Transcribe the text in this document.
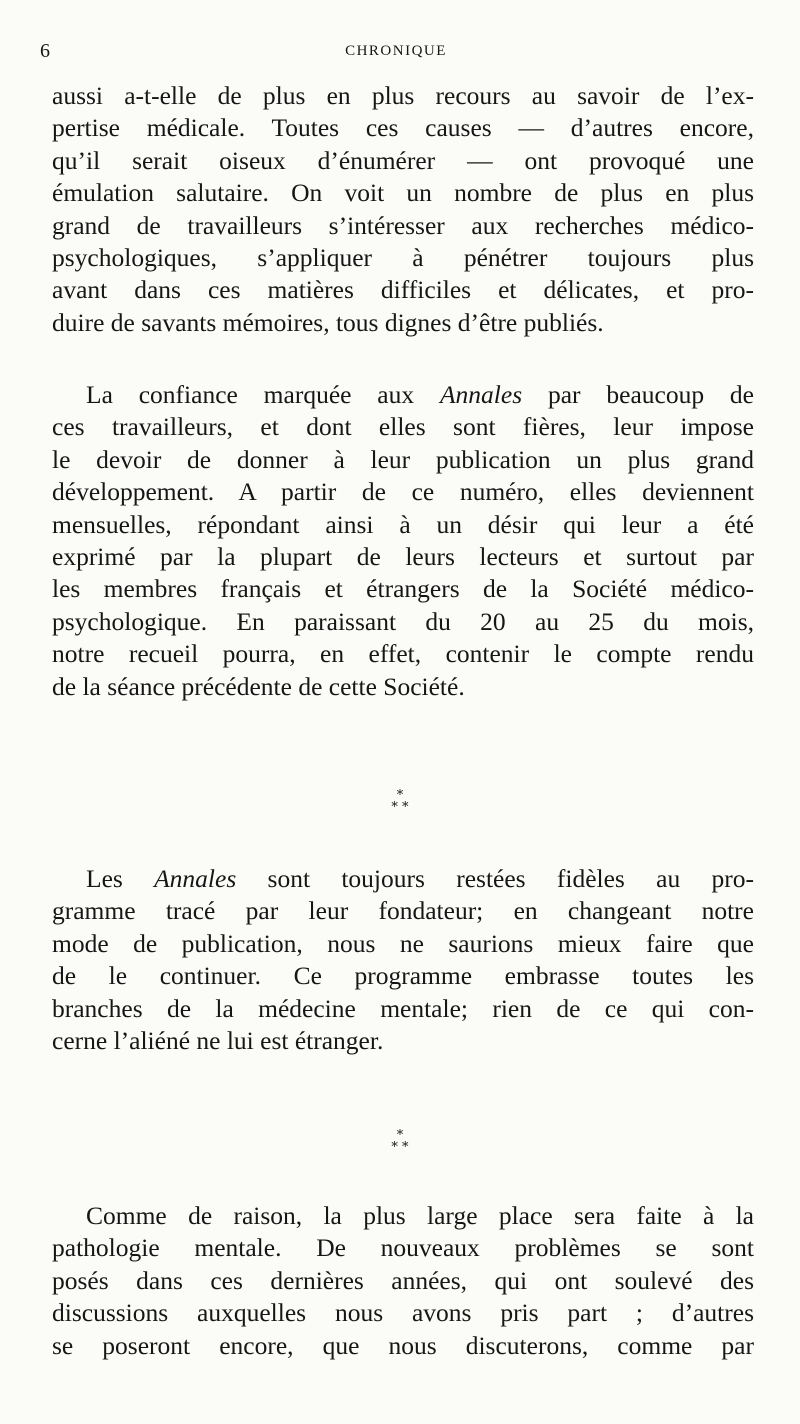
6	CHRONIQUE
aussi a-t-elle de plus en plus recours au savoir de l’ex-
pertise médicale. Toutes ces causes — d’autres encore,
qu’il serait oiseux d’énumérer — ont provoqué une
émulation salutaire. On voit un nombre de plus en plus
grand de travailleurs s’intéresser aux recherches médico-
psychologiques, s’appliquer à pénétrer toujours plus
avant dans ces matières difficiles et délicates, et pro-
duire de savants mémoires, tous dignes d’être publiés.
La confiance marquée aux Annales par beaucoup de
ces travailleurs, et dont elles sont fières, leur impose
le devoir de donner à leur publication un plus grand
développement. A partir de ce numéro, elles deviennent
mensuelles, répondant ainsi à un désir qui leur a été
exprimé par la plupart de leurs lecteurs et surtout par
les membres français et étrangers de la Société médico-
psychologique. En paraissant du 20 au 25 du mois,
notre recueil pourra, en effet, contenir le compte rendu
de la séance précédente de cette Société.
*
* *
Les Annales sont toujours restées fidèles au pro-
gramme tracé par leur fondateur; en changeant notre
mode de publication, nous ne saurions mieux faire que
de le continuer. Ce programme embrasse toutes les
branches de la médecine mentale; rien de ce qui con-
cerne l’aliéné ne lui est étranger.
*
* *
Comme de raison, la plus large place sera faite à la
pathologie mentale. De nouveaux problèmes se sont
posés dans ces dernières années, qui ont soulevé des
discussions auxquelles nous avons pris part ; d’autres
se poseront encore, que nous discuterons, comme par
